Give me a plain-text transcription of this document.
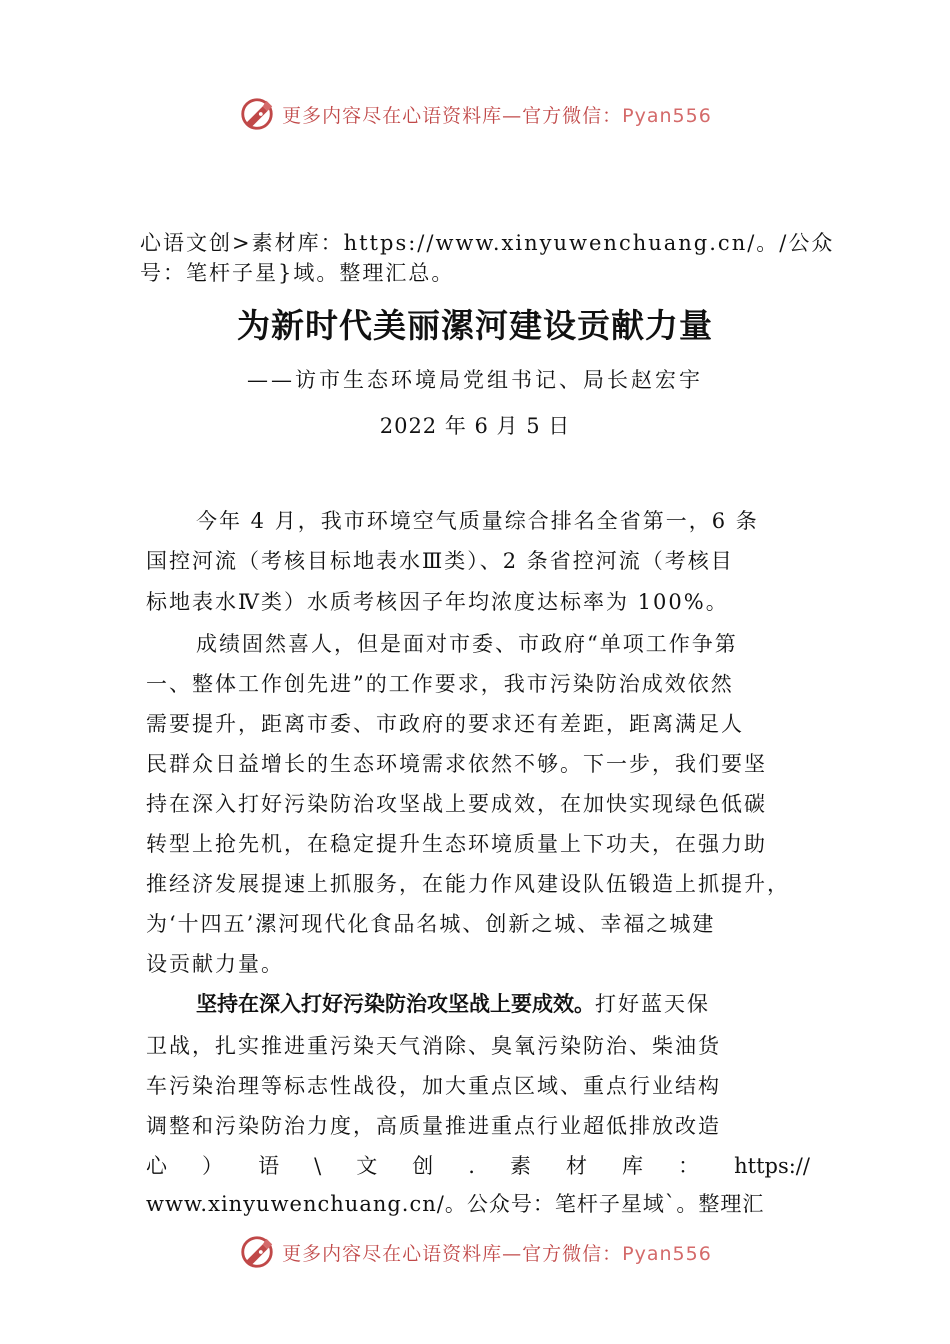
更多内容尽在心语资料库—官方微信：Pyan556
心语文创>素材库：https://www.xinyuwenchuang.cn/。/公众
号：笔杆子星}域。整理汇总。
为新时代美丽漯河建设贡献力量
——访市生态环境局党组书记、局长赵宏宇
2022 年 6 月 5 日
今年 4 月，我市环境空气质量综合排名全省第一，6 条
国控河流（考核目标地表水Ⅲ类）、2 条省控河流（考核目
标地表水Ⅳ类）水质考核因子年均浓度达标率为 100%。
成绩固然喜人，但是面对市委、市政府“单项工作争第
一、整体工作创先进”的工作要求，我市污染防治成效依然
需要提升，距离市委、市政府的要求还有差距，距离满足人
民群众日益增长的生态环境需求依然不够。下一步，我们要坚
持在深入打好污染防治攻坚战上要成效，在加快实现绿色低碳
转型上抢先机，在稳定提升生态环境质量上下功夫，在强力助
推经济发展提速上抓服务，在能力作风建设队伍锻造上抓提升，
为‘十四五’漯河现代化食品名城、创新之城、幸福之城建
设贡献力量。
坚持在深入打好污染防治攻坚战上要成效。打好蓝天保
卫战，扎实推进重污染天气消除、臭氧污染防治、柴油货
车污染治理等标志性战役，加大重点区域、重点行业结构
调整和污染防治力度，高质量推进重点行业超低排放改造
心 ） 语 \ 文 创 . 素 材 库 ： https://
www.xinyuwenchuang.cn/。公众号：笔杆子星域`。整理汇
更多内容尽在心语资料库—官方微信：Pyan556
